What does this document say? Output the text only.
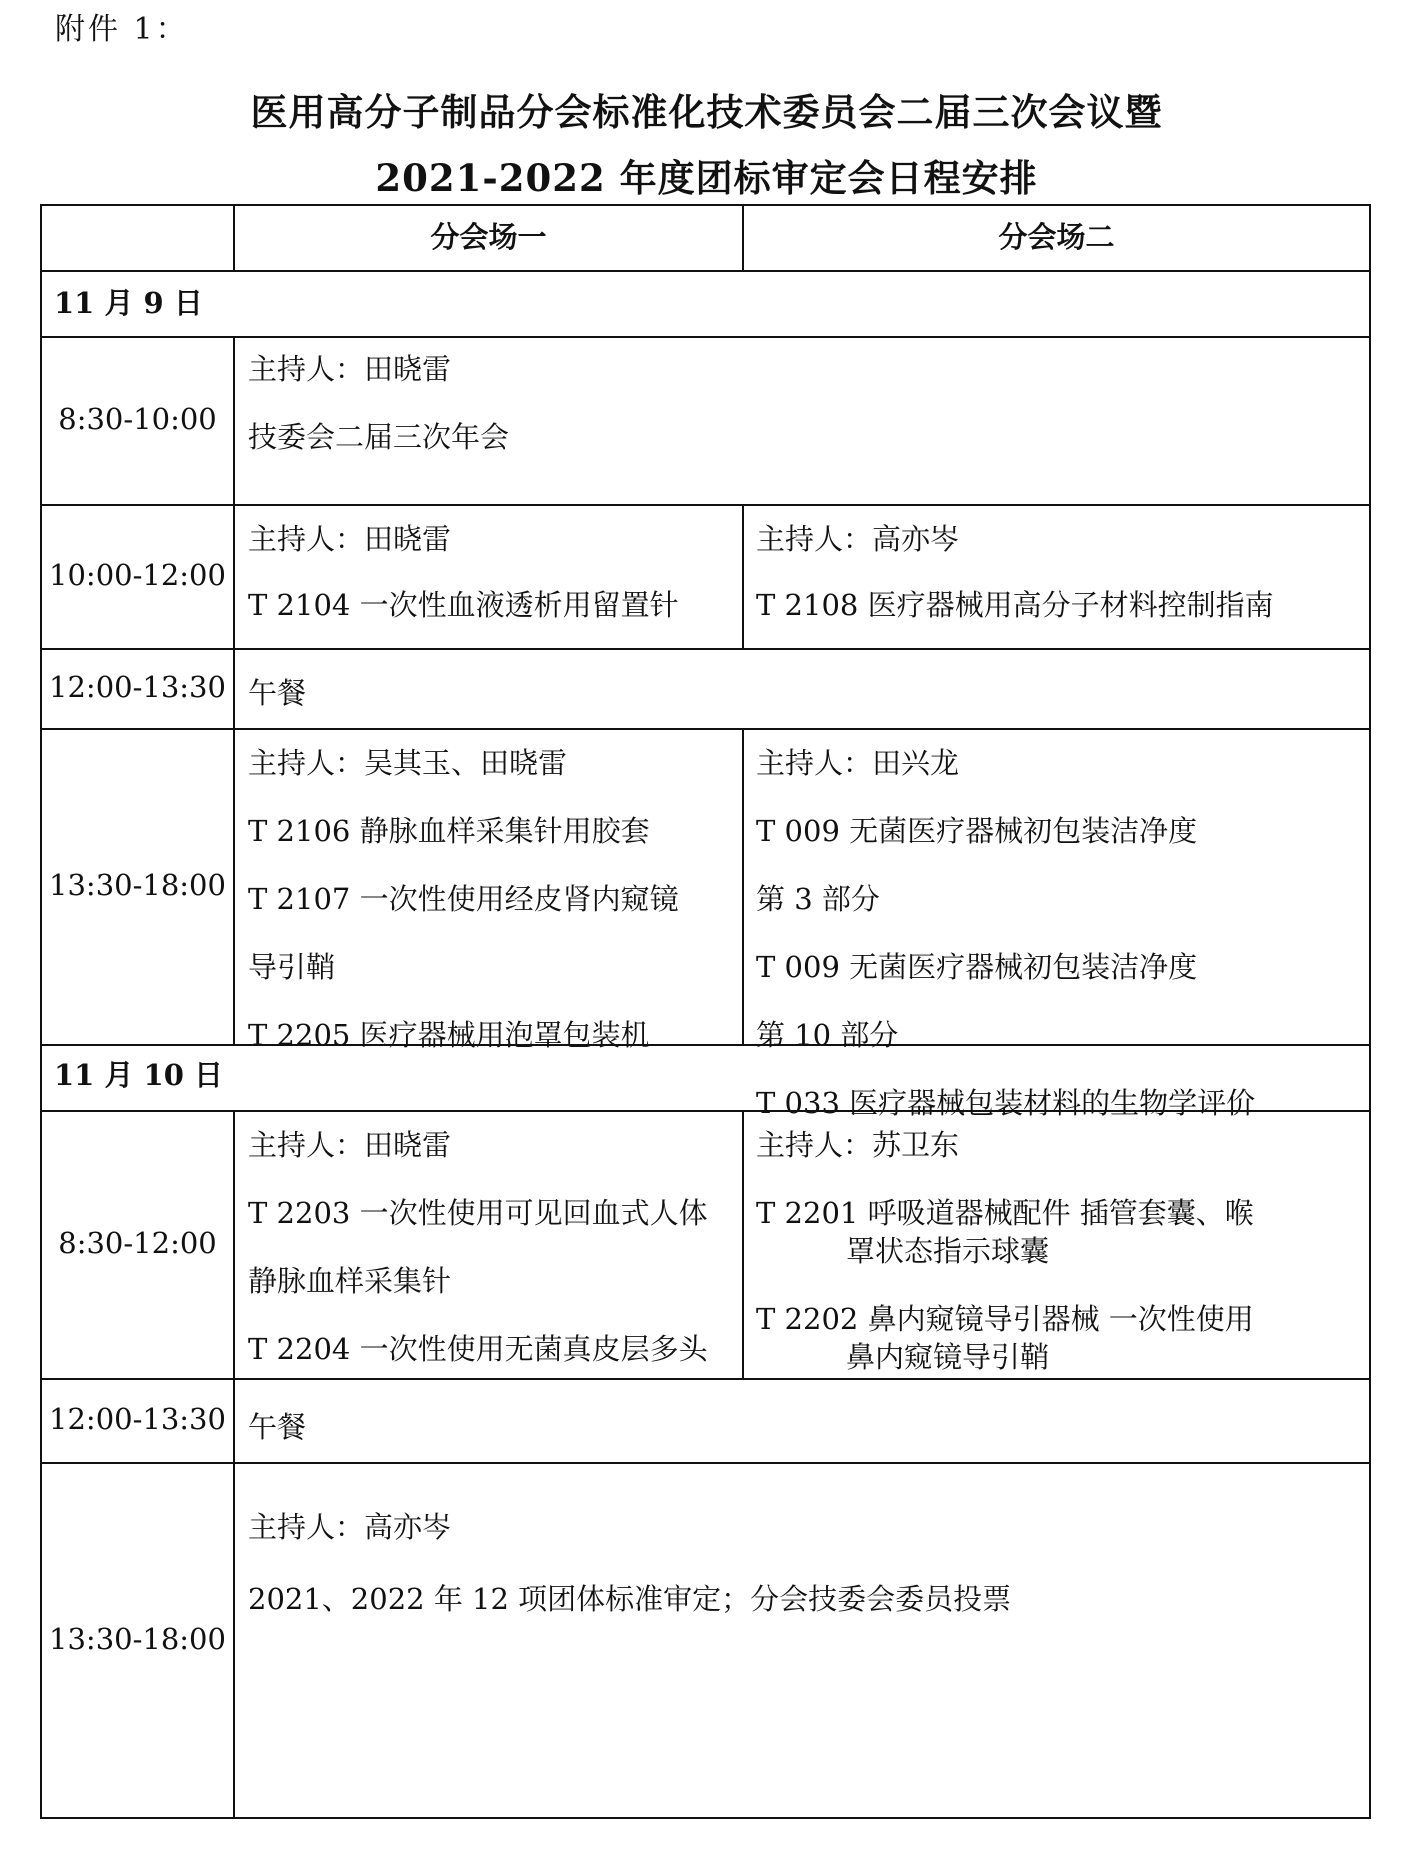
附件 1：
医用高分子制品分会标准化技术委员会二届三次会议暨
2021-2022 年度团标审定会日程安排
分会场一	分会场二
11 月 9 日
8:30-10:00
主持人：田晓雷
技委会二届三次年会
10:00-12:00
主持人：田晓雷
T 2104 一次性血液透析用留置针
主持人：高亦岑
T 2108 医疗器械用高分子材料控制指南
12:00-13:30 午餐
13:30-18:00
主持人：吴其玉、田晓雷
T 2106 静脉血样采集针用胶套
T 2107 一次性使用经皮肾内窥镜
导引鞘
T 2205 医疗器械用泡罩包装机
主持人：田兴龙
T 009 无菌医疗器械初包装洁净度
第 3 部分
T 009 无菌医疗器械初包装洁净度
第 10 部分
T 033 医疗器械包装材料的生物学评价
11 月 10 日
8:30-12:00
主持人：田晓雷
T 2203 一次性使用可见回血式人体
静脉血样采集针
T 2204 一次性使用无菌真皮层多头
主持人：苏卫东
T 2201 呼吸道器械配件 插管套囊、喉
罩状态指示球囊
T 2202 鼻内窥镜导引器械 一次性使用
鼻内窥镜导引鞘
12:00-13:30 午餐
13:30-18:00
主持人：高亦岑
2021、2022 年 12 项团体标准审定；分会技委会委员投票
